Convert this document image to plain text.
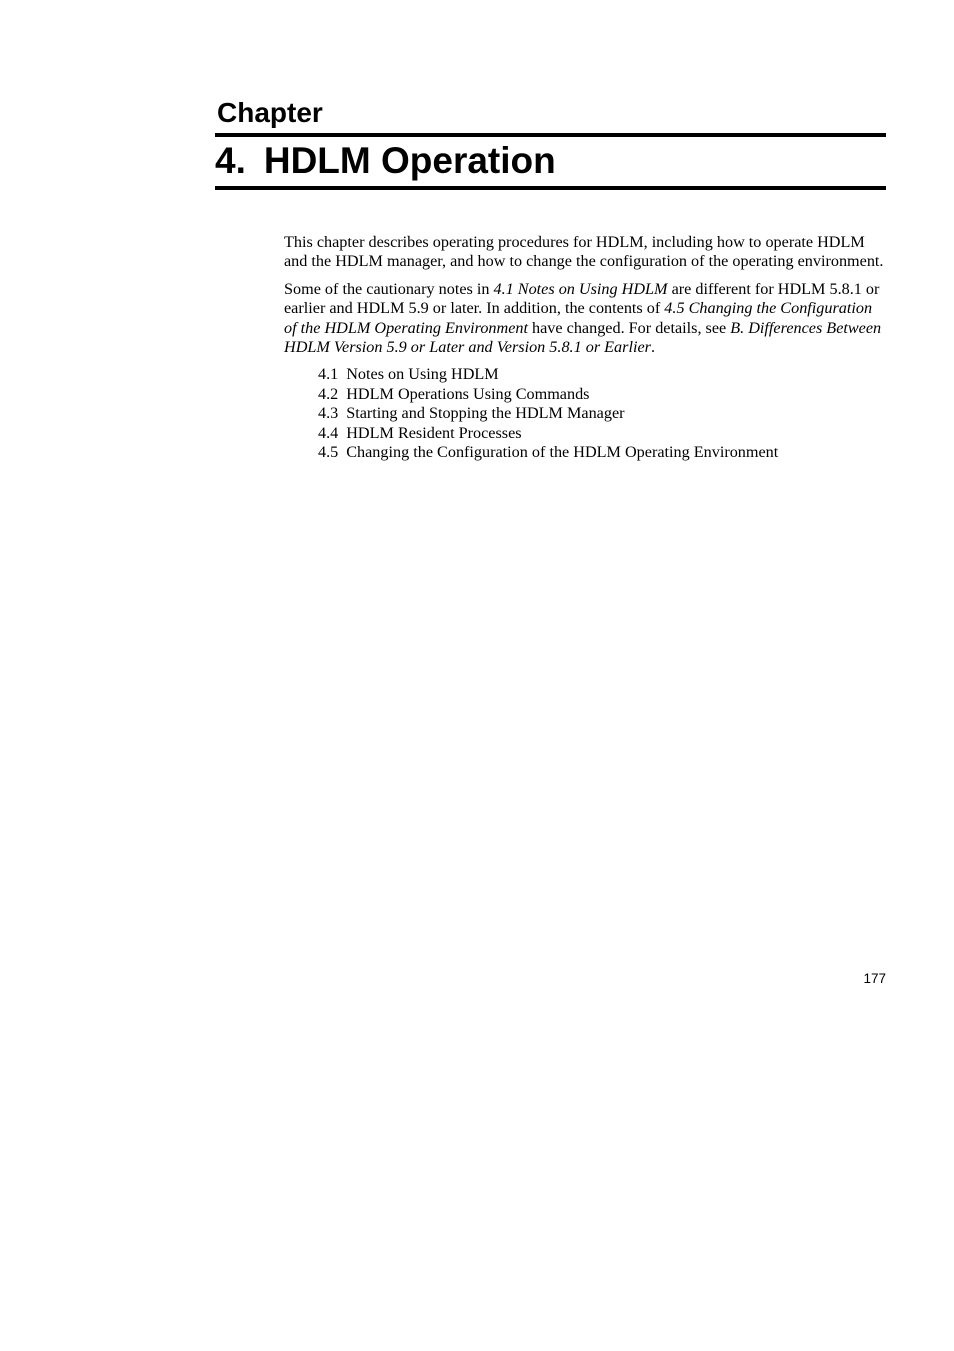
Chapter
4. HDLM Operation

This chapter describes operating procedures for HDLM, including how to operate HDLM and the HDLM manager, and how to change the configuration of the operating environment.

Some of the cautionary notes in 4.1 Notes on Using HDLM are different for HDLM 5.8.1 or earlier and HDLM 5.9 or later. In addition, the contents of 4.5 Changing the Configuration of the HDLM Operating Environment have changed. For details, see B. Differences Between HDLM Version 5.9 or Later and Version 5.8.1 or Earlier.

4.1 Notes on Using HDLM
4.2 HDLM Operations Using Commands
4.3 Starting and Stopping the HDLM Manager
4.4 HDLM Resident Processes
4.5 Changing the Configuration of the HDLM Operating Environment
177
